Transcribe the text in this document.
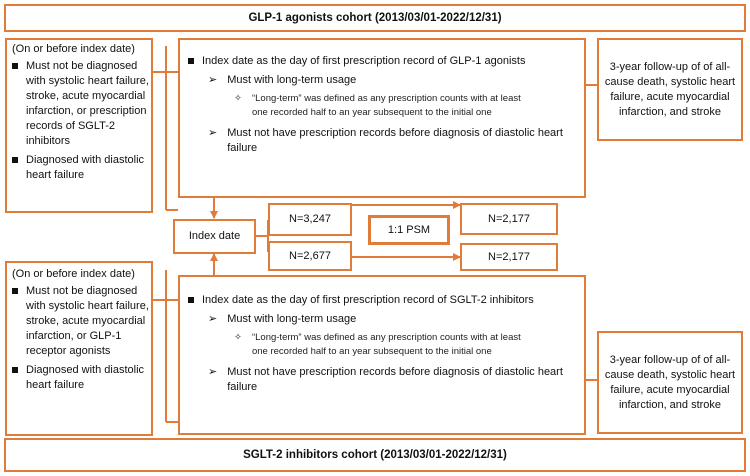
GLP-1 agonists cohort (2013/03/01-2022/12/31)
(On or before index date)
Must not be diagnosed with systolic heart failure, stroke, acute myocardial infarction, or prescription records of SGLT-2 inhibitors
Diagnosed with diastolic heart failure
Index date as the day of first prescription record of GLP-1 agonists
➢ Must with long-term usage
✧ “Long-term” was defined as any prescription counts with at least one recorded half to an year subsequent to the initial one
➢ Must not have prescription records before diagnosis of diastolic heart failure
3-year follow-up of of all-cause death, systolic heart failure, acute myocardial infarction, and stroke
Index date
N=3,247
N=2,677
1:1 PSM
N=2,177
N=2,177
(On or before index date)
Must not be diagnosed with systolic heart failure, stroke, acute myocardial infarction, or GLP-1 receptor agonists
Diagnosed with diastolic heart failure
Index date as the day of first prescription record of SGLT-2 inhibitors
➢ Must with long-term usage
✧ “Long-term” was defined as any prescription counts with at least one recorded half to an year subsequent to the initial one
➢ Must not have prescription records before diagnosis of diastolic heart failure
3-year follow-up of of all-cause death, systolic heart failure, acute myocardial infarction, and stroke
SGLT-2 inhibitors cohort (2013/03/01-2022/12/31)
